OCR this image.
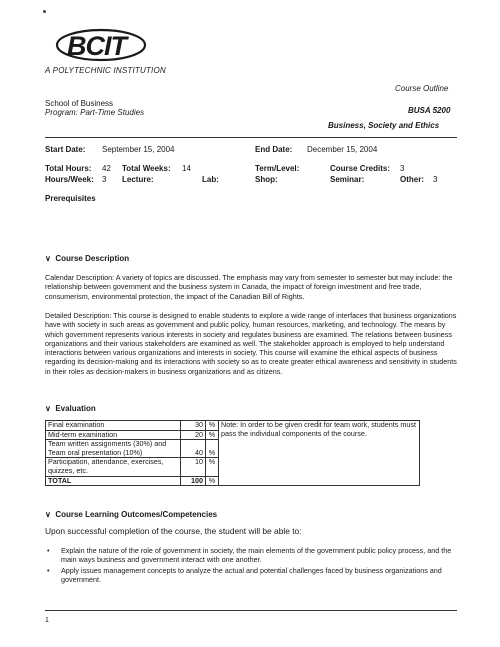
BCIT
A POLYTECHNIC INSTITUTION
Course Outline
School of Business
Program: Part-Time Studies	BUSA 5200
Business, Society and Ethics
Start Date: September 15, 2004	End Date: December 15, 2004
Total Hours: 42 Total Weeks: 14	Term/Level:	Course Credits: 3
Hours/Week: 3 Lecture:	Lab:	Shop:	Seminar:	Other: 3
Prerequisites
∨ Course Description
Calendar Description: A variety of topics are discussed. The emphasis may vary from semester to semester but may include: the relationship between government and the business system in Canada, the impact of foreign investment and free trade, consumerism, environmental protection, the impact of the Canadian Bill of Rights.
Detailed Description: This course is designed to enable students to explore a wide range of interfaces that business organizations have with society in such areas as government and public policy, human resources, marketing, and technology. The means by which government represents various interests in society and regulates business are examined. The relations between business organizations and their various stakeholders are examined as well. The stakeholder approach is employed to help understand interactions between various organizations and interests in society. This course will examine the ethical aspects of business regarding its decision-making and its interactions with society so as to create greater ethical awareness and sensitivity in students in their roles as decision-makers in business organizations and as citizens.
∨ Evaluation
Final examination	30	%	Note: In order to be given credit for team work, students must pass the individual components of the course.
Mid-term examination	20	%	
Team written assignments (30%) and Team oral presentation (10%)	40	%	
Participation, attendance, exercises, quizzes, etc.	10	%	
TOTAL	100	%	
∨ Course Learning Outcomes/Competencies
Upon successful completion of the course, the student will be able to:
• Explain the nature of the role of government in society, the main elements of the government public policy process, and the main ways business and government interact with one another.
• Apply issues management concepts to analyze the actual and potential challenges faced by business organizations and government.
1
